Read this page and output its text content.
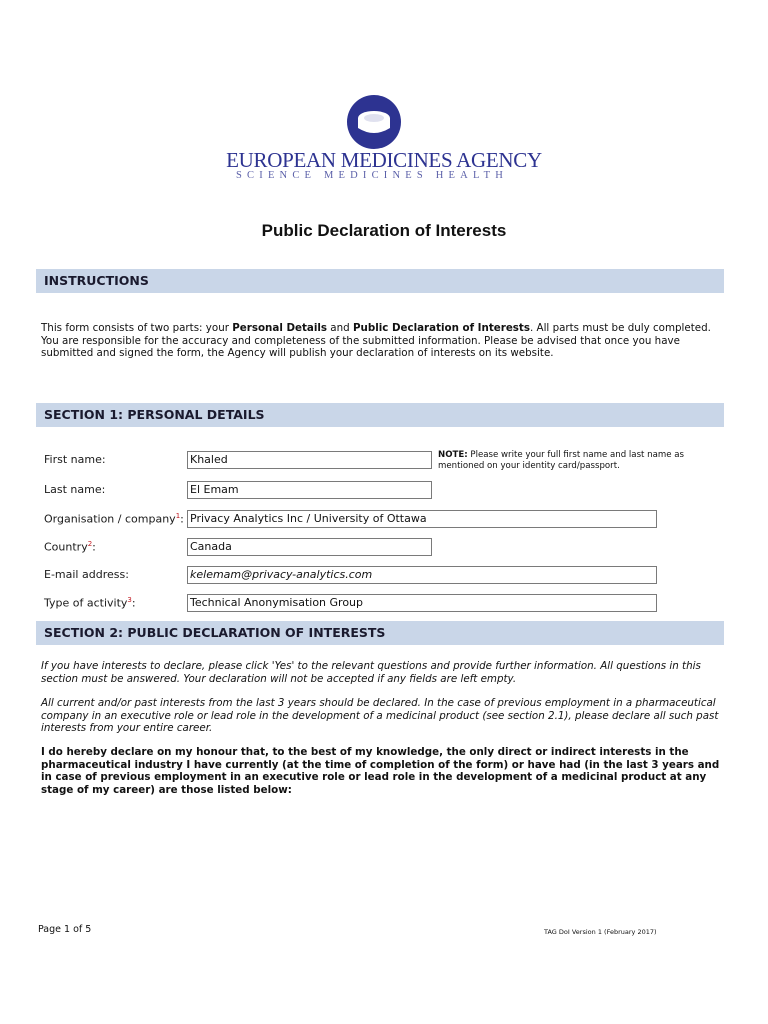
EUROPEAN MEDICINES AGENCY
SCIENCE MEDICINES HEALTH
Public Declaration of Interests
INSTRUCTIONS
This form consists of two parts: your Personal Details and Public Declaration of Interests. All parts must be duly completed. You are responsible for the accuracy and completeness of the submitted information. Please be advised that once you have submitted and signed the form, the Agency will publish your declaration of interests on its website.
SECTION 1: PERSONAL DETAILS
First name:	Khaled	NOTE: Please write your full first name and last name as mentioned on your identity card/passport.
Last name:	El Emam
Organisation / company$^1$: Privacy Analytics Inc / University of Ottawa
Country$^2$:	Canada
E-mail address:	kelemam@privacy-analytics.com
Type of activity$^3$:	Technical Anonymisation Group
SECTION 2: PUBLIC DECLARATION OF INTERESTS
If you have interests to declare, please click 'Yes' to the relevant questions and provide further information. All questions in this section must be answered. Your declaration will not be accepted if any fields are left empty.
All current and/or past interests from the last 3 years should be declared. In the case of previous employment in a pharmaceutical company in an executive role or lead role in the development of a medicinal product (see section 2.1), please declare all such past interests from your entire career.
I do hereby declare on my honour that, to the best of my knowledge, the only direct or indirect interests in the pharmaceutical industry I have currently (at the time of completion of the form) or have had (in the last 3 years and in case of previous employment in an executive role or lead role in the development of a medicinal product at any stage of my career) are those listed below:
Page 1 of 5	TAG DoI Version 1 (February 2017)
